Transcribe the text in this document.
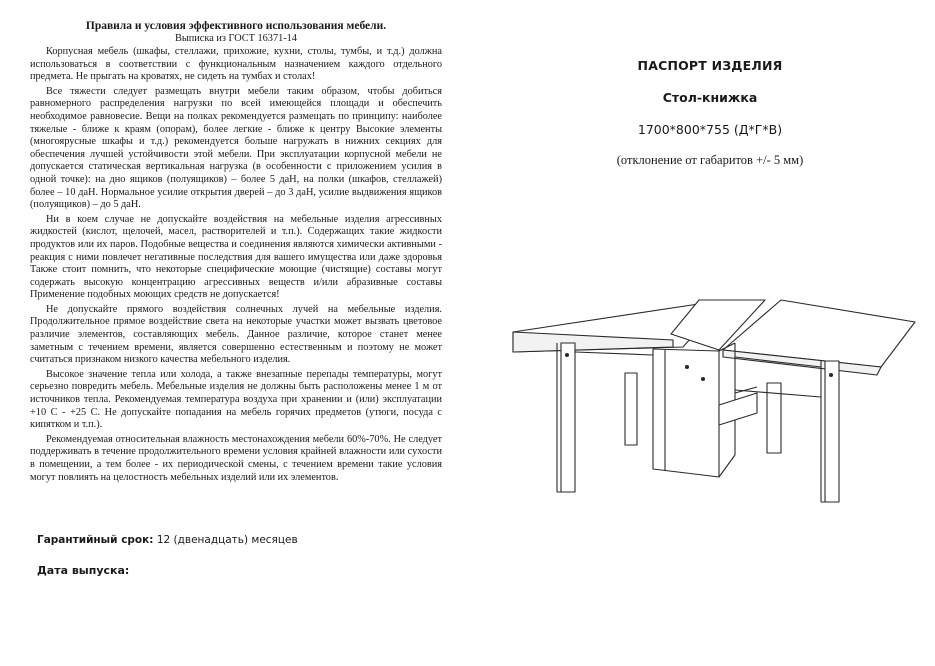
Правила и условия эффективного использования мебели.

Выписка из ГОСТ 16371-14

Корпусная мебель (шкафы, стеллажи, прихожие, кухни, столы, тумбы, и т.д.) должна использоваться в соответствии с функциональным назначением каждого отдельного предмета. Не прыгать на кроватях, не сидеть на тумбах и столах!

Все тяжести следует размещать внутри мебели таким образом, чтобы добиться равномерного распределения нагрузки по всей имеющейся площади и обеспечить необходимое равновесие. Вещи на полках рекомендуется размещать по принципу: наиболее тяжелые - ближе к краям (опорам), более легкие - ближе к центру Высокие элементы (многоярусные шкафы и т.д.) рекомендуется больше нагружать в нижних секциях для обеспечения лучшей устойчивости этой мебели. При эксплуатации корпусной мебели не допускается статическая вертикальная нагрузка (в особенности с приложением усилия в одной точке): на дно ящиков (полуящиков) – более 5 даН, на полки (шкафов, стеллажей) более – 10 даН. Нормальное усилие открытия дверей – до 3 даН, усилие выдвижения ящиков (полуящиков) – до 5 даН.

Ни в коем случае не допускайте воздействия на мебельные изделия агрессивных жидкостей (кислот, щелочей, масел, растворителей и т.п.). Содержащих такие жидкости продуктов или их паров. Подобные вещества и соединения являются химически активными - реакция с ними повлечет негативные последствия для вашего имущества или даже здоровья Также стоит помнить, что некоторые специфические моющие (чистящие) составы могут содержать высокую концентрацию агрессивных веществ и/или абразивные составы Применение подобных моющих средств не допускается!

Не допускайте прямого воздействия солнечных лучей на мебельные изделия. Продолжительное прямое воздействие света на некоторые участки может вызвать цветовое различие элементов, составляющих мебель. Данное различие, которое станет менее заметным с течением времени, является совершенно естественным и поэтому не может считаться признаком низкого качества мебельного изделия.

Высокое значение тепла или холода, а также внезапные перепады температуры, могут серьезно повредить мебель. Мебельные изделия не должны быть расположены менее 1 м от источников тепла. Рекомендуемая температура воздуха при хранении и (или) эксплуатации +10 С - +25 С. Не допускайте попадания на мебель горячих предметов (утюги, посуда с кипятком и т.п.).

Рекомендуемая относительная влажность местонахождения мебели 60%-70%. Не следует поддерживать в течение продолжительного времени условия крайней влажности или сухости в помещении, а тем более - их периодической смены, с течением времени такие условия могут повлиять на целостность мебельных изделий или их элементов.

Гарантийный срок: 12 (двенадцать) месяцев
Дата выпуска:
ПАСПОРТ ИЗДЕЛИЯ
Стол-книжка
1700*800*755 (Д*Г*В)
(отклонение от габаритов +/- 5 мм)
